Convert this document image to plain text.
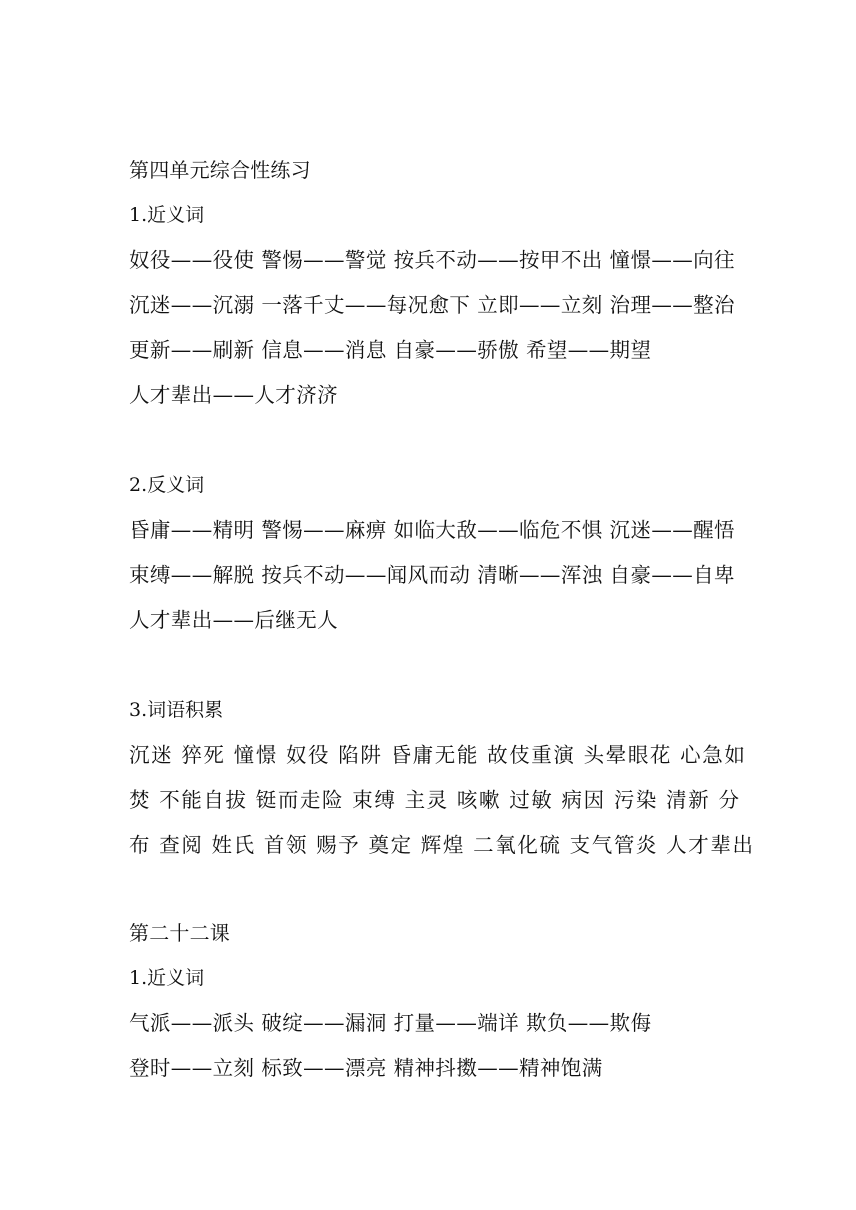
第四单元综合性练习
1.近义词
奴役——役使 警惕——警觉 按兵不动——按甲不出 憧憬——向往
沉迷——沉溺 一落千丈——每况愈下 立即——立刻 治理——整治
更新——刷新 信息——消息 自豪——骄傲 希望——期望
人才辈出——人才济济
2.反义词
昏庸——精明 警惕——麻痹 如临大敌——临危不惧 沉迷——醒悟
束缚——解脱 按兵不动——闻风而动 清晰——浑浊 自豪——自卑
人才辈出——后继无人
3.词语积累
沉迷 猝死 憧憬 奴役 陷阱 昏庸无能 故伎重演 头晕眼花 心急如
焚 不能自拔 铤而走险 束缚 主灵 咳嗽 过敏 病因 污染 清新 分
布 查阅 姓氏 首领 赐予 奠定 辉煌 二氧化硫 支气管炎 人才辈出
第二十二课
1.近义词
气派——派头 破绽——漏洞 打量——端详 欺负——欺侮
登时——立刻 标致——漂亮 精神抖擞——精神饱满
